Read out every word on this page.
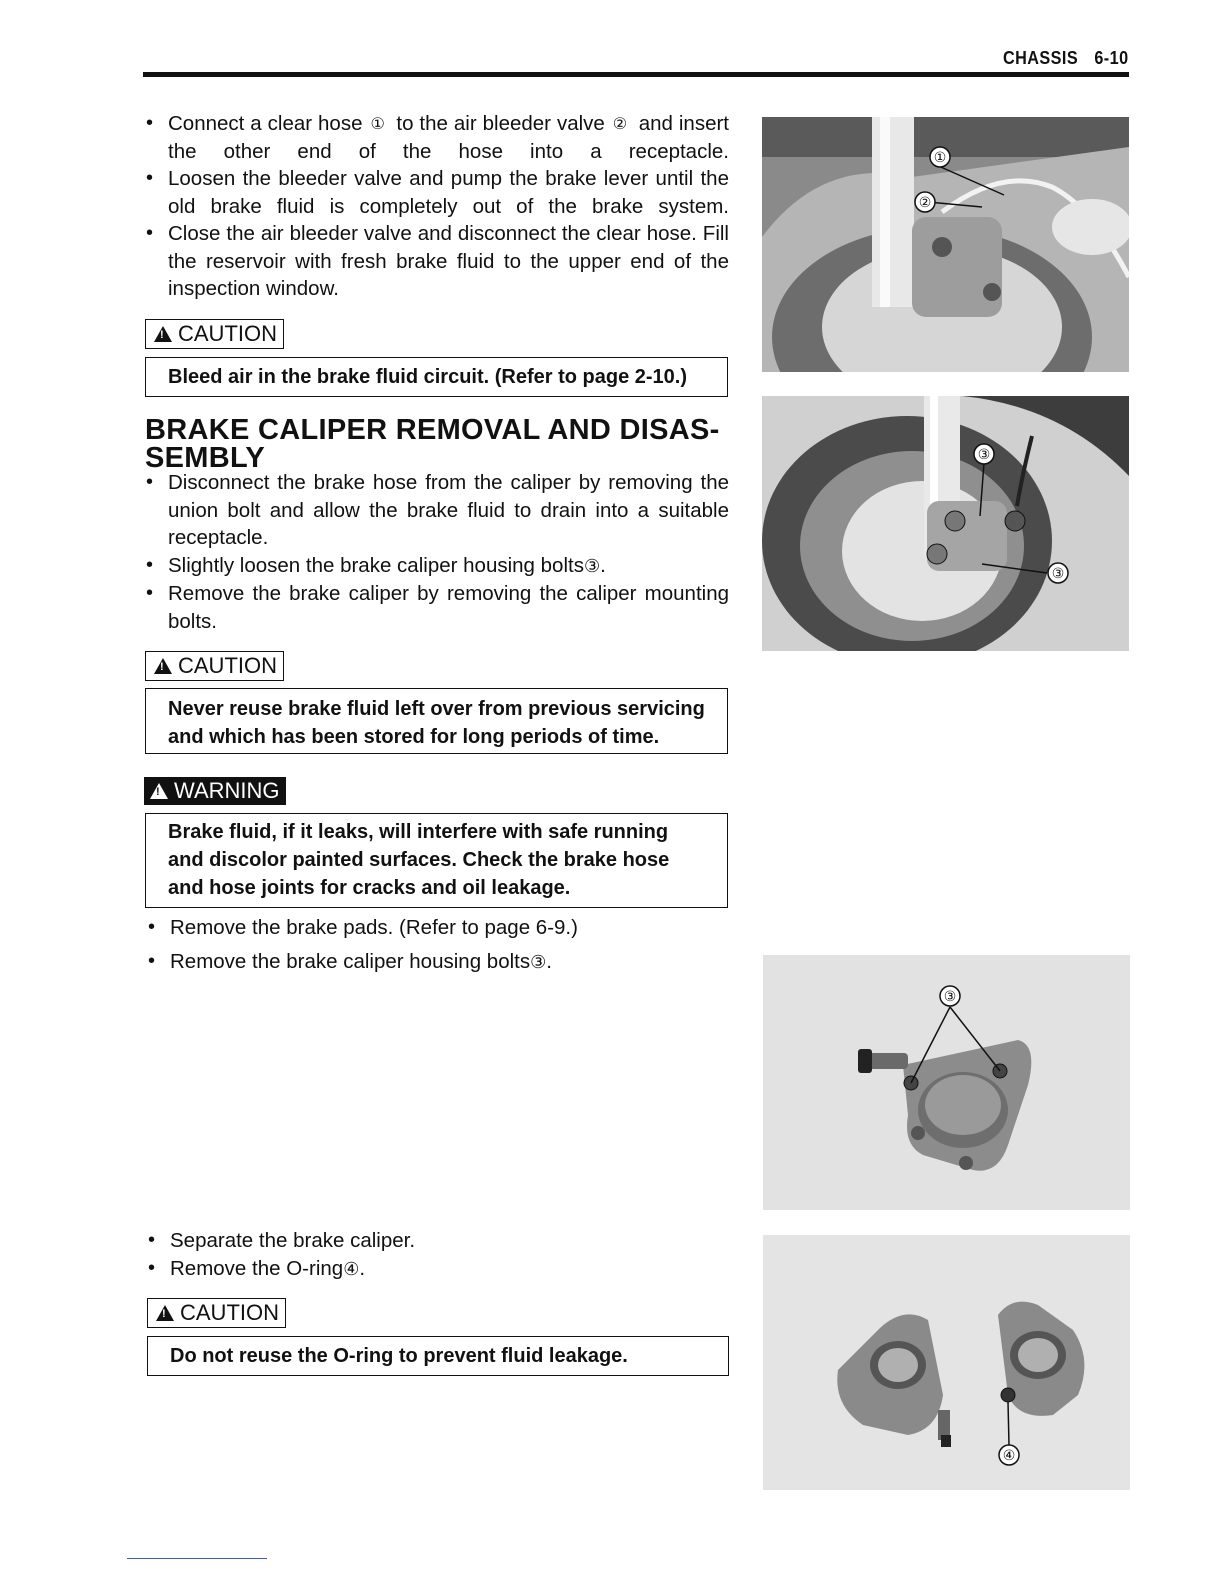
CHASSIS 6-10
• Connect a clear hose ① to the air bleeder valve ② and insert the other end of the hose into a receptacle.
• Loosen the bleeder valve and pump the brake lever until the old brake fluid is completely out of the brake system.
• Close the air bleeder valve and disconnect the clear hose. Fill the reservoir with fresh brake fluid to the upper end of the inspection window.
!CAUTION
Bleed air in the brake fluid circuit. (Refer to page 2-10.)
BRAKE CALIPER REMOVAL AND DISAS-
SEMBLY
• Disconnect the brake hose from the caliper by removing the union bolt and allow the brake fluid to drain into a suitable receptacle.
• Slightly loosen the brake caliper housing bolts③.
• Remove the brake caliper by removing the caliper mounting bolts.
!CAUTION
Never reuse brake fluid left over from previous servicing and which has been stored for long periods of time.
!WARNING
Brake fluid, if it leaks, will interfere with safe running and discolor painted surfaces. Check the brake hose and hose joints for cracks and oil leakage.
• Remove the brake pads. (Refer to page 6-9.)
• Remove the brake caliper housing bolts③.
• Separate the brake caliper.
• Remove the O-ring④.
!CAUTION
Do not reuse the O-ring to prevent fluid leakage.
①
②
③
③
③
④
